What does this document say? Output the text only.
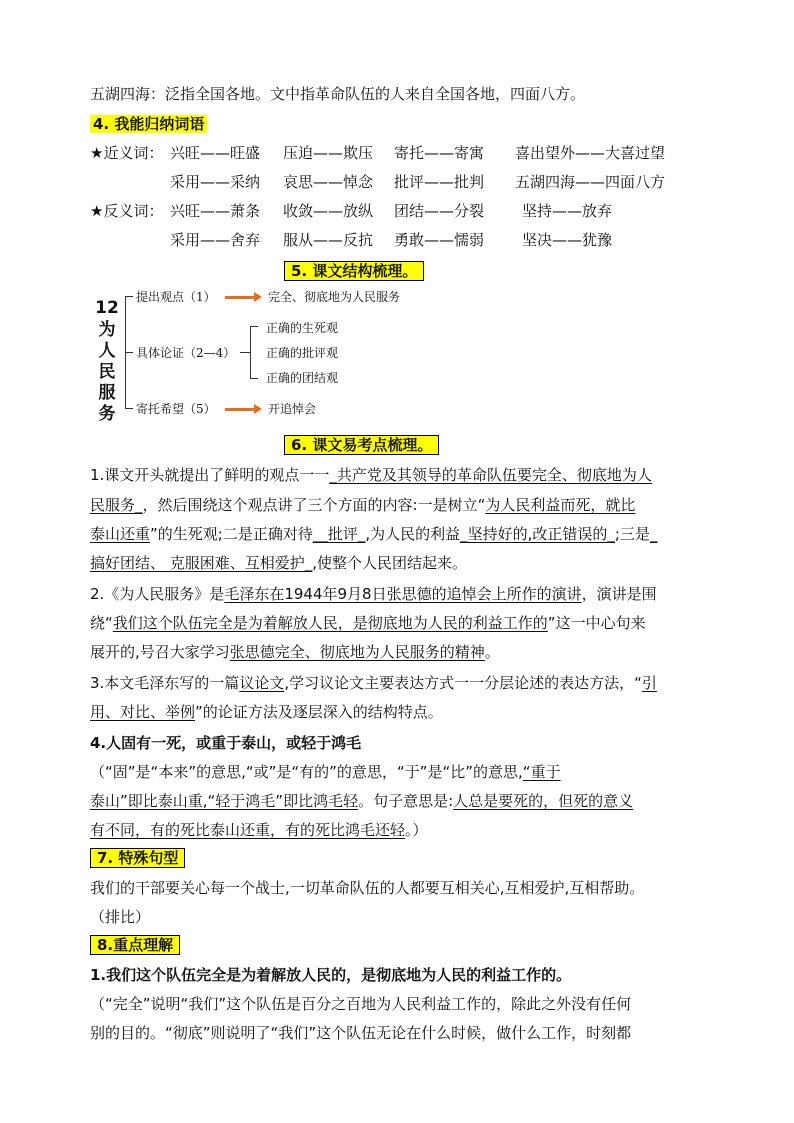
五湖四海：泛指全国各地。文中指革命队伍的人来自全国各地，四面八方。
4. 我能归纳词语
★近义词： 兴旺——旺盛 压迫——欺压 寄托——寄寓 喜出望外——大喜过望
采用——采纳 哀思——悼念 批评——批判 五湖四海——四面八方
★反义词： 兴旺——萧条 收敛——放纵 团结——分裂	坚持——放弃
采用——舍弃 服从——反抗 勇敢——懦弱	坚决——犹豫
5. 课文结构梳理。
12
为
人
民
服
务
提出观点（1）	完全、彻底地为人民服务
具体论证（2—4）
正确的生死观
正确的批评观
正确的团结观
寄托希望（5）	开追悼会
6. 课文易考点梳理。
1.课文开头就提出了鲜明的观点一一_共产党及其领导的革命队伍要完全、彻底地为人
民服务_，然后围绕这个观点讲了三个方面的内容:一是树立“为人民利益而死，就比
泰山还重”的生死观;二是正确对待__批评_,为人民的利益_坚持好的,改正错误的_;三是_
搞好团结、 克服困难、互相爱护_,使整个人民团结起来。
2.《为人民服务》是毛泽东在1944年9月8日张思德的追悼会上所作的演讲，演讲是围
绕“我们这个队伍完全是为着解放人民，是彻底地为人民的利益工作的”这一中心句来
展开的,号召大家学习张思德完全、彻底地为人民服务的精神。
3.本文毛泽东写的一篇议论文,学习议论文主要表达方式一一分层论述的表达方法，“引
用、对比、举例”的论证方法及逐层深入的结构特点。
4.人固有一死，或重于泰山，或轻于鸿毛
（“固”是“本来”的意思,“或”是“有的”的意思，“于”是“比”的意思,“重于
泰山”即比泰山重,“轻于鸿毛”即比鸿毛轻。句子意思是:人总是要死的，但死的意义
有不同，有的死比泰山还重，有的死比鸿毛还轻。）
7. 特殊句型
我们的干部要关心每一个战士,一切革命队伍的人都要互相关心,互相爱护,互相帮助。
（排比）
8.重点理解
1.我们这个队伍完全是为着解放人民的，是彻底地为人民的利益工作的。
（“完全”说明“我们”这个队伍是百分之百地为人民利益工作的，除此之外没有任何
别的目的。“彻底”则说明了“我们”这个队伍无论在什么时候，做什么工作，时刻都
